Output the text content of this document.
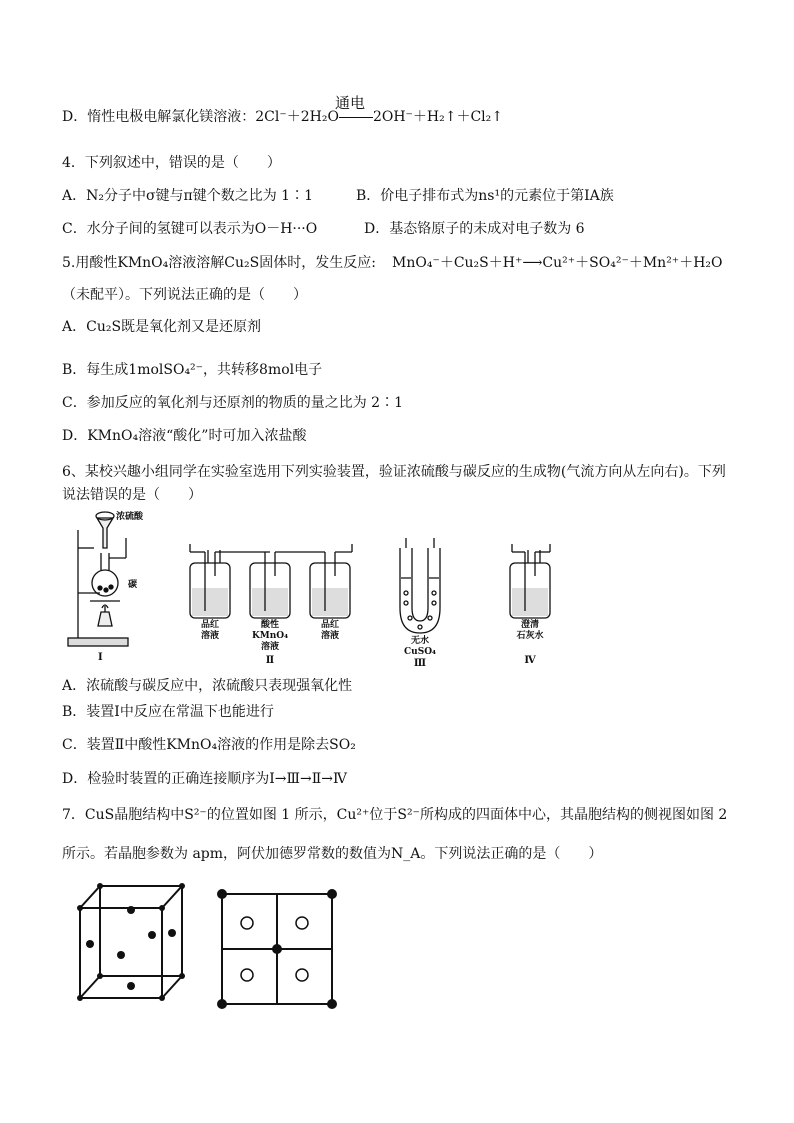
D．惰性电极电解氯化镁溶液：2Cl⁻＋2H₂O
通电
2OH⁻＋H₂↑＋Cl₂↑
4．下列叙述中，错误的是（　　）
A．N₂分子中σ键与π键个数之比为 1∶1	B．价电子排布式为ns¹的元素位于第ⅠA族
C．水分子间的氢键可以表示为O－H···O	D．基态铬原子的未成对电子数为 6
5.用酸性KMnO₄溶液溶解Cu₂S固体时，发生反应: MnO₄⁻＋Cu₂S＋H⁺⟶Cu²⁺＋SO₄²⁻＋Mn²⁺＋H₂O
（未配平）。下列说法正确的是（　　）
A．Cu₂S既是氧化剂又是还原剂
B．每生成1molSO₄²⁻，共转移8mol电子
C．参加反应的氧化剂与还原剂的物质的量之比为 2∶1
D．KMnO₄溶液“酸化”时可加入浓盐酸
6、某校兴趣小组同学在实验室选用下列实验装置，验证浓硫酸与碳反应的生成物(气流方向从左向右)。下列
说法错误的是（　　）
浓硫酸
碳
Ⅰ
品红
溶液
酸性
KMnO₄
溶液
品红
溶液
Ⅱ
无水
CuSO₄
Ⅲ
澄清
石灰水
Ⅳ
A．浓硫酸与碳反应中，浓硫酸只表现强氧化性
B．装置Ⅰ中反应在常温下也能进行
C．装置Ⅱ中酸性KMnO₄溶液的作用是除去SO₂
D．检验时装置的正确连接顺序为Ⅰ→Ⅲ→Ⅱ→Ⅳ
7．CuS晶胞结构中S²⁻的位置如图 1 所示，Cu²⁺位于S²⁻所构成的四面体中心，其晶胞结构的侧视图如图 2
所示。若晶胞参数为 apm，阿伏加德罗常数的数值为N_A。下列说法正确的是（　　）
